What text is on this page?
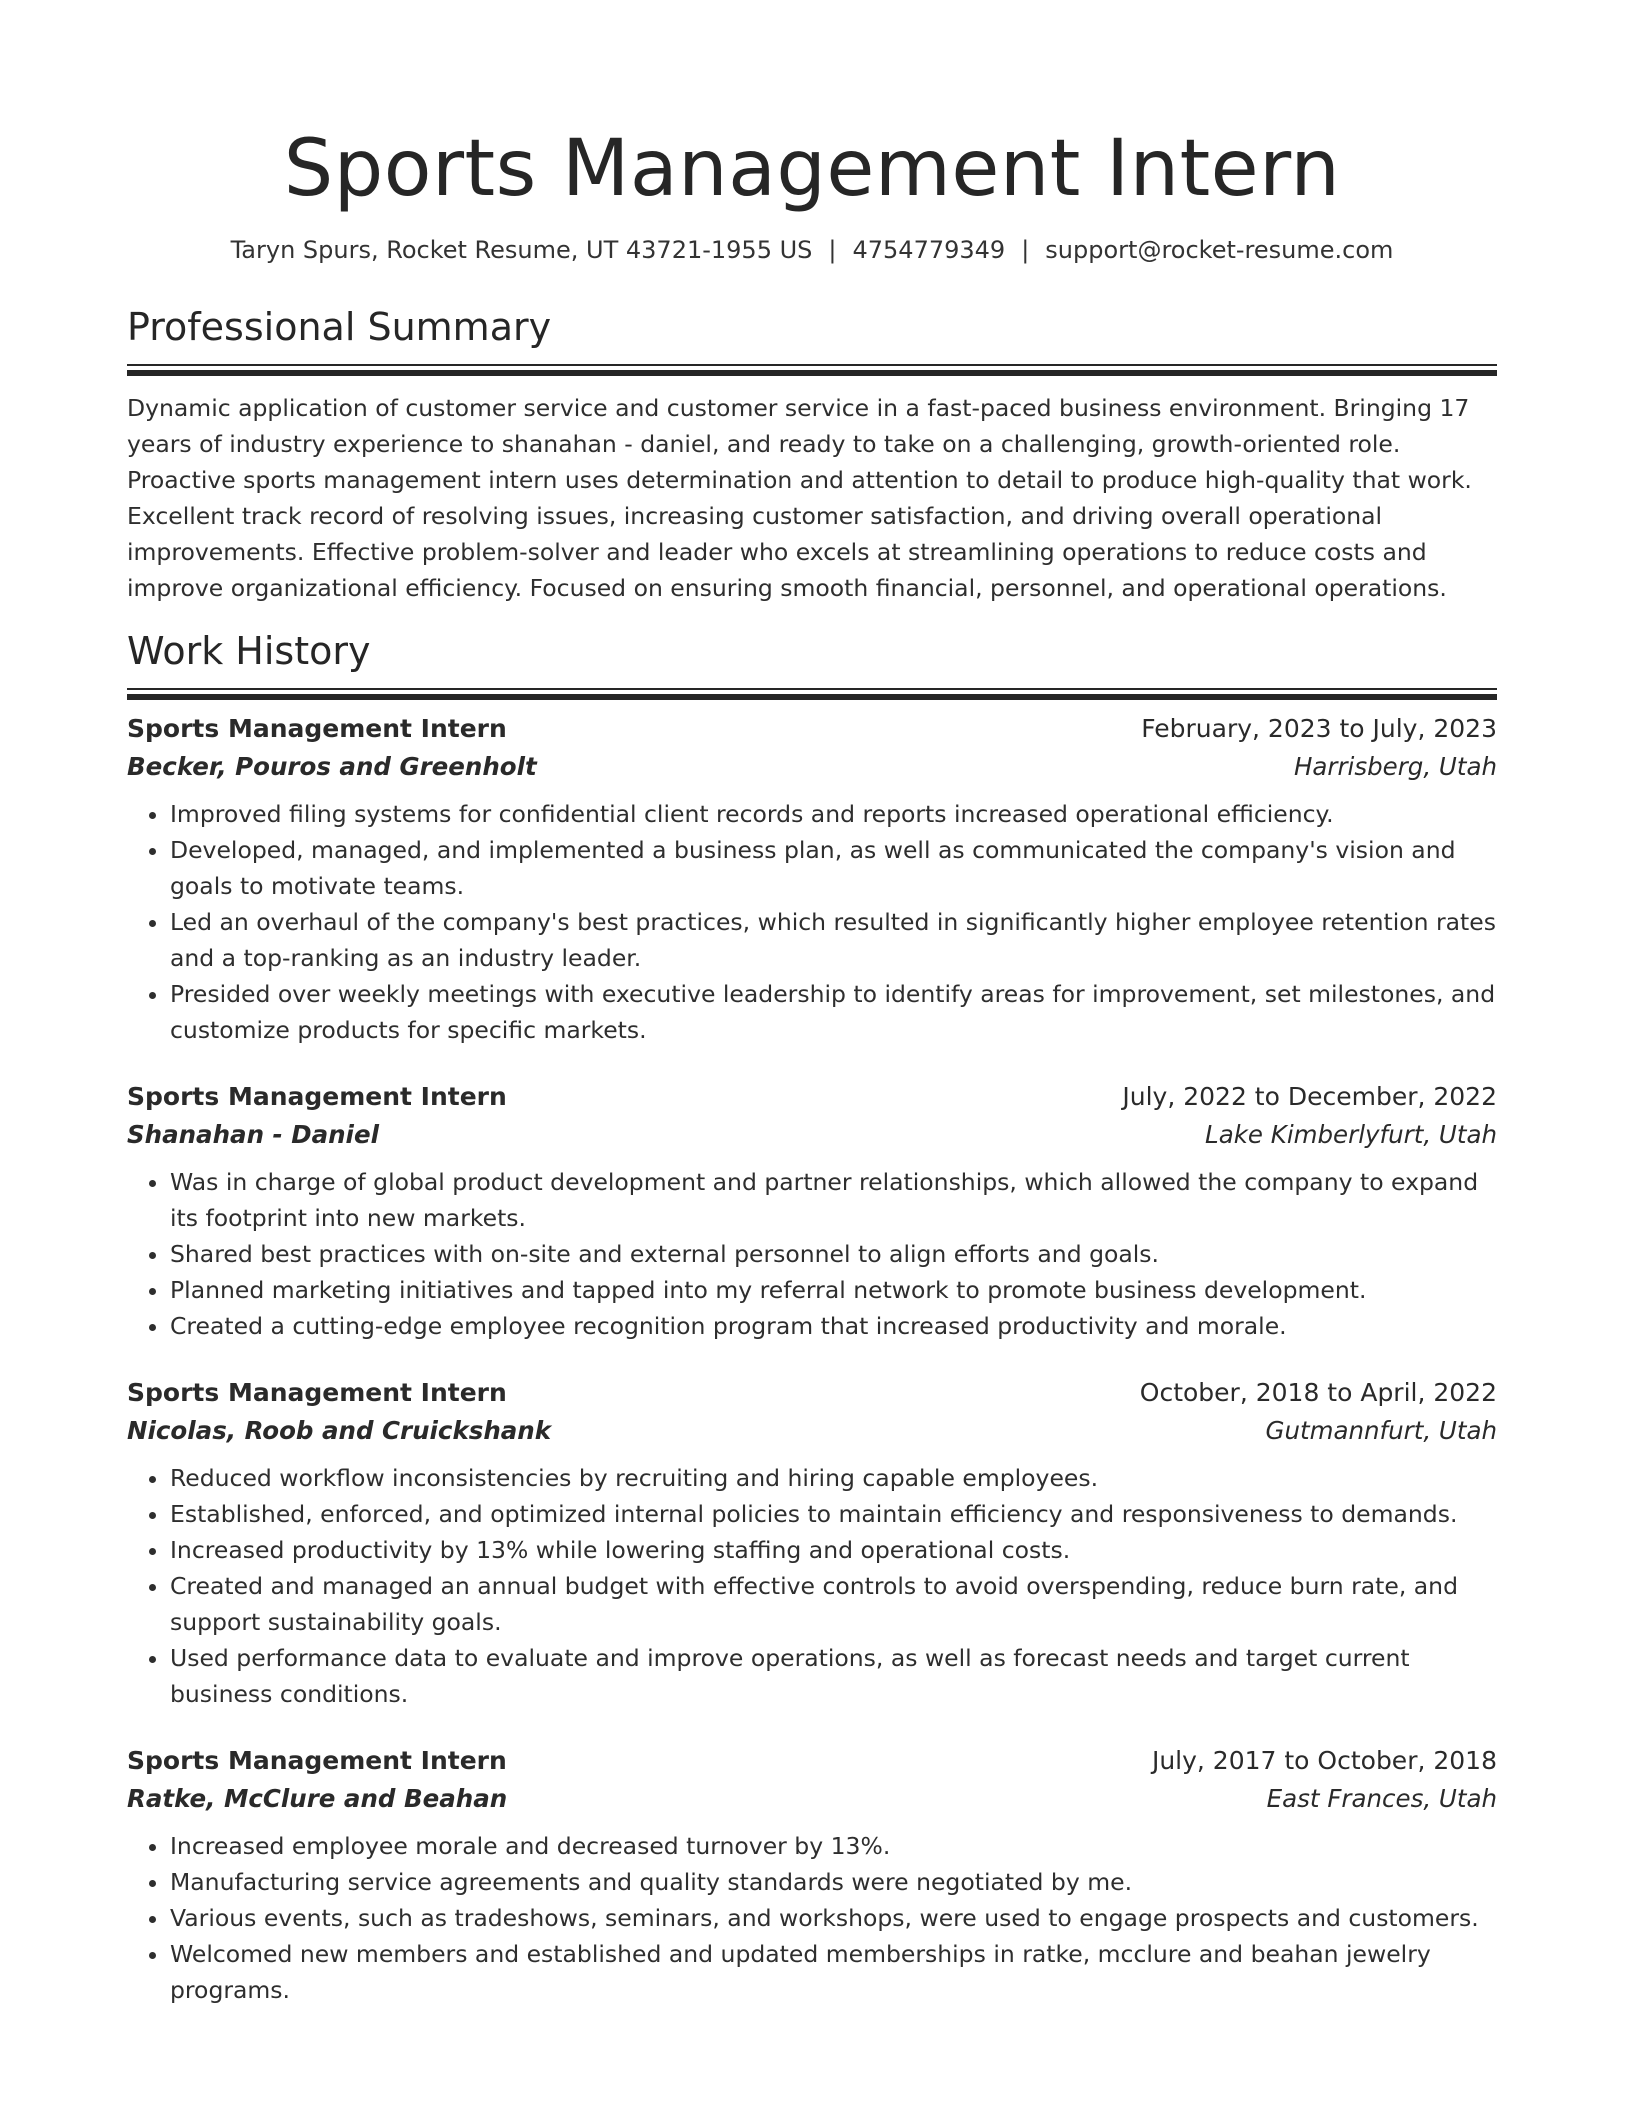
Sports Management Intern
Taryn Spurs, Rocket Resume, UT 43721-1955 US | 4754779349 | support@rocket-resume.com
Professional Summary

Dynamic application of customer service and customer service in a fast-paced business environment. Bringing 17 years of industry experience to shanahan - daniel, and ready to take on a challenging, growth-oriented role. Proactive sports management intern uses determination and attention to detail to produce high-quality that work. Excellent track record of resolving issues, increasing customer satisfaction, and driving overall operational improvements. Effective problem-solver and leader who excels at streamlining operations to reduce costs and improve organizational efficiency. Focused on ensuring smooth financial, personnel, and operational operations.

Work History
Sports Management Intern	February, 2023 to July, 2023
Becker, Pouros and Greenholt	Harrisberg, Utah
• Improved filing systems for confidential client records and reports increased operational efficiency.
• Developed, managed, and implemented a business plan, as well as communicated the company's vision and goals to motivate teams.
• Led an overhaul of the company's best practices, which resulted in significantly higher employee retention rates and a top-ranking as an industry leader.
• Presided over weekly meetings with executive leadership to identify areas for improvement, set milestones, and customize products for specific markets.
Sports Management Intern	July, 2022 to December, 2022
Shanahan - Daniel	Lake Kimberlyfurt, Utah
• Was in charge of global product development and partner relationships, which allowed the company to expand its footprint into new markets.
• Shared best practices with on-site and external personnel to align efforts and goals.
• Planned marketing initiatives and tapped into my referral network to promote business development.
• Created a cutting-edge employee recognition program that increased productivity and morale.
Sports Management Intern	October, 2018 to April, 2022
Nicolas, Roob and Cruickshank	Gutmannfurt, Utah
• Reduced workflow inconsistencies by recruiting and hiring capable employees.
• Established, enforced, and optimized internal policies to maintain efficiency and responsiveness to demands.
• Increased productivity by 13% while lowering staffing and operational costs.
• Created and managed an annual budget with effective controls to avoid overspending, reduce burn rate, and support sustainability goals.
• Used performance data to evaluate and improve operations, as well as forecast needs and target current business conditions.
Sports Management Intern	July, 2017 to October, 2018
Ratke, McClure and Beahan	East Frances, Utah
• Increased employee morale and decreased turnover by 13%.
• Manufacturing service agreements and quality standards were negotiated by me.
• Various events, such as tradeshows, seminars, and workshops, were used to engage prospects and customers.
• Welcomed new members and established and updated memberships in ratke, mcclure and beahan jewelry programs.
